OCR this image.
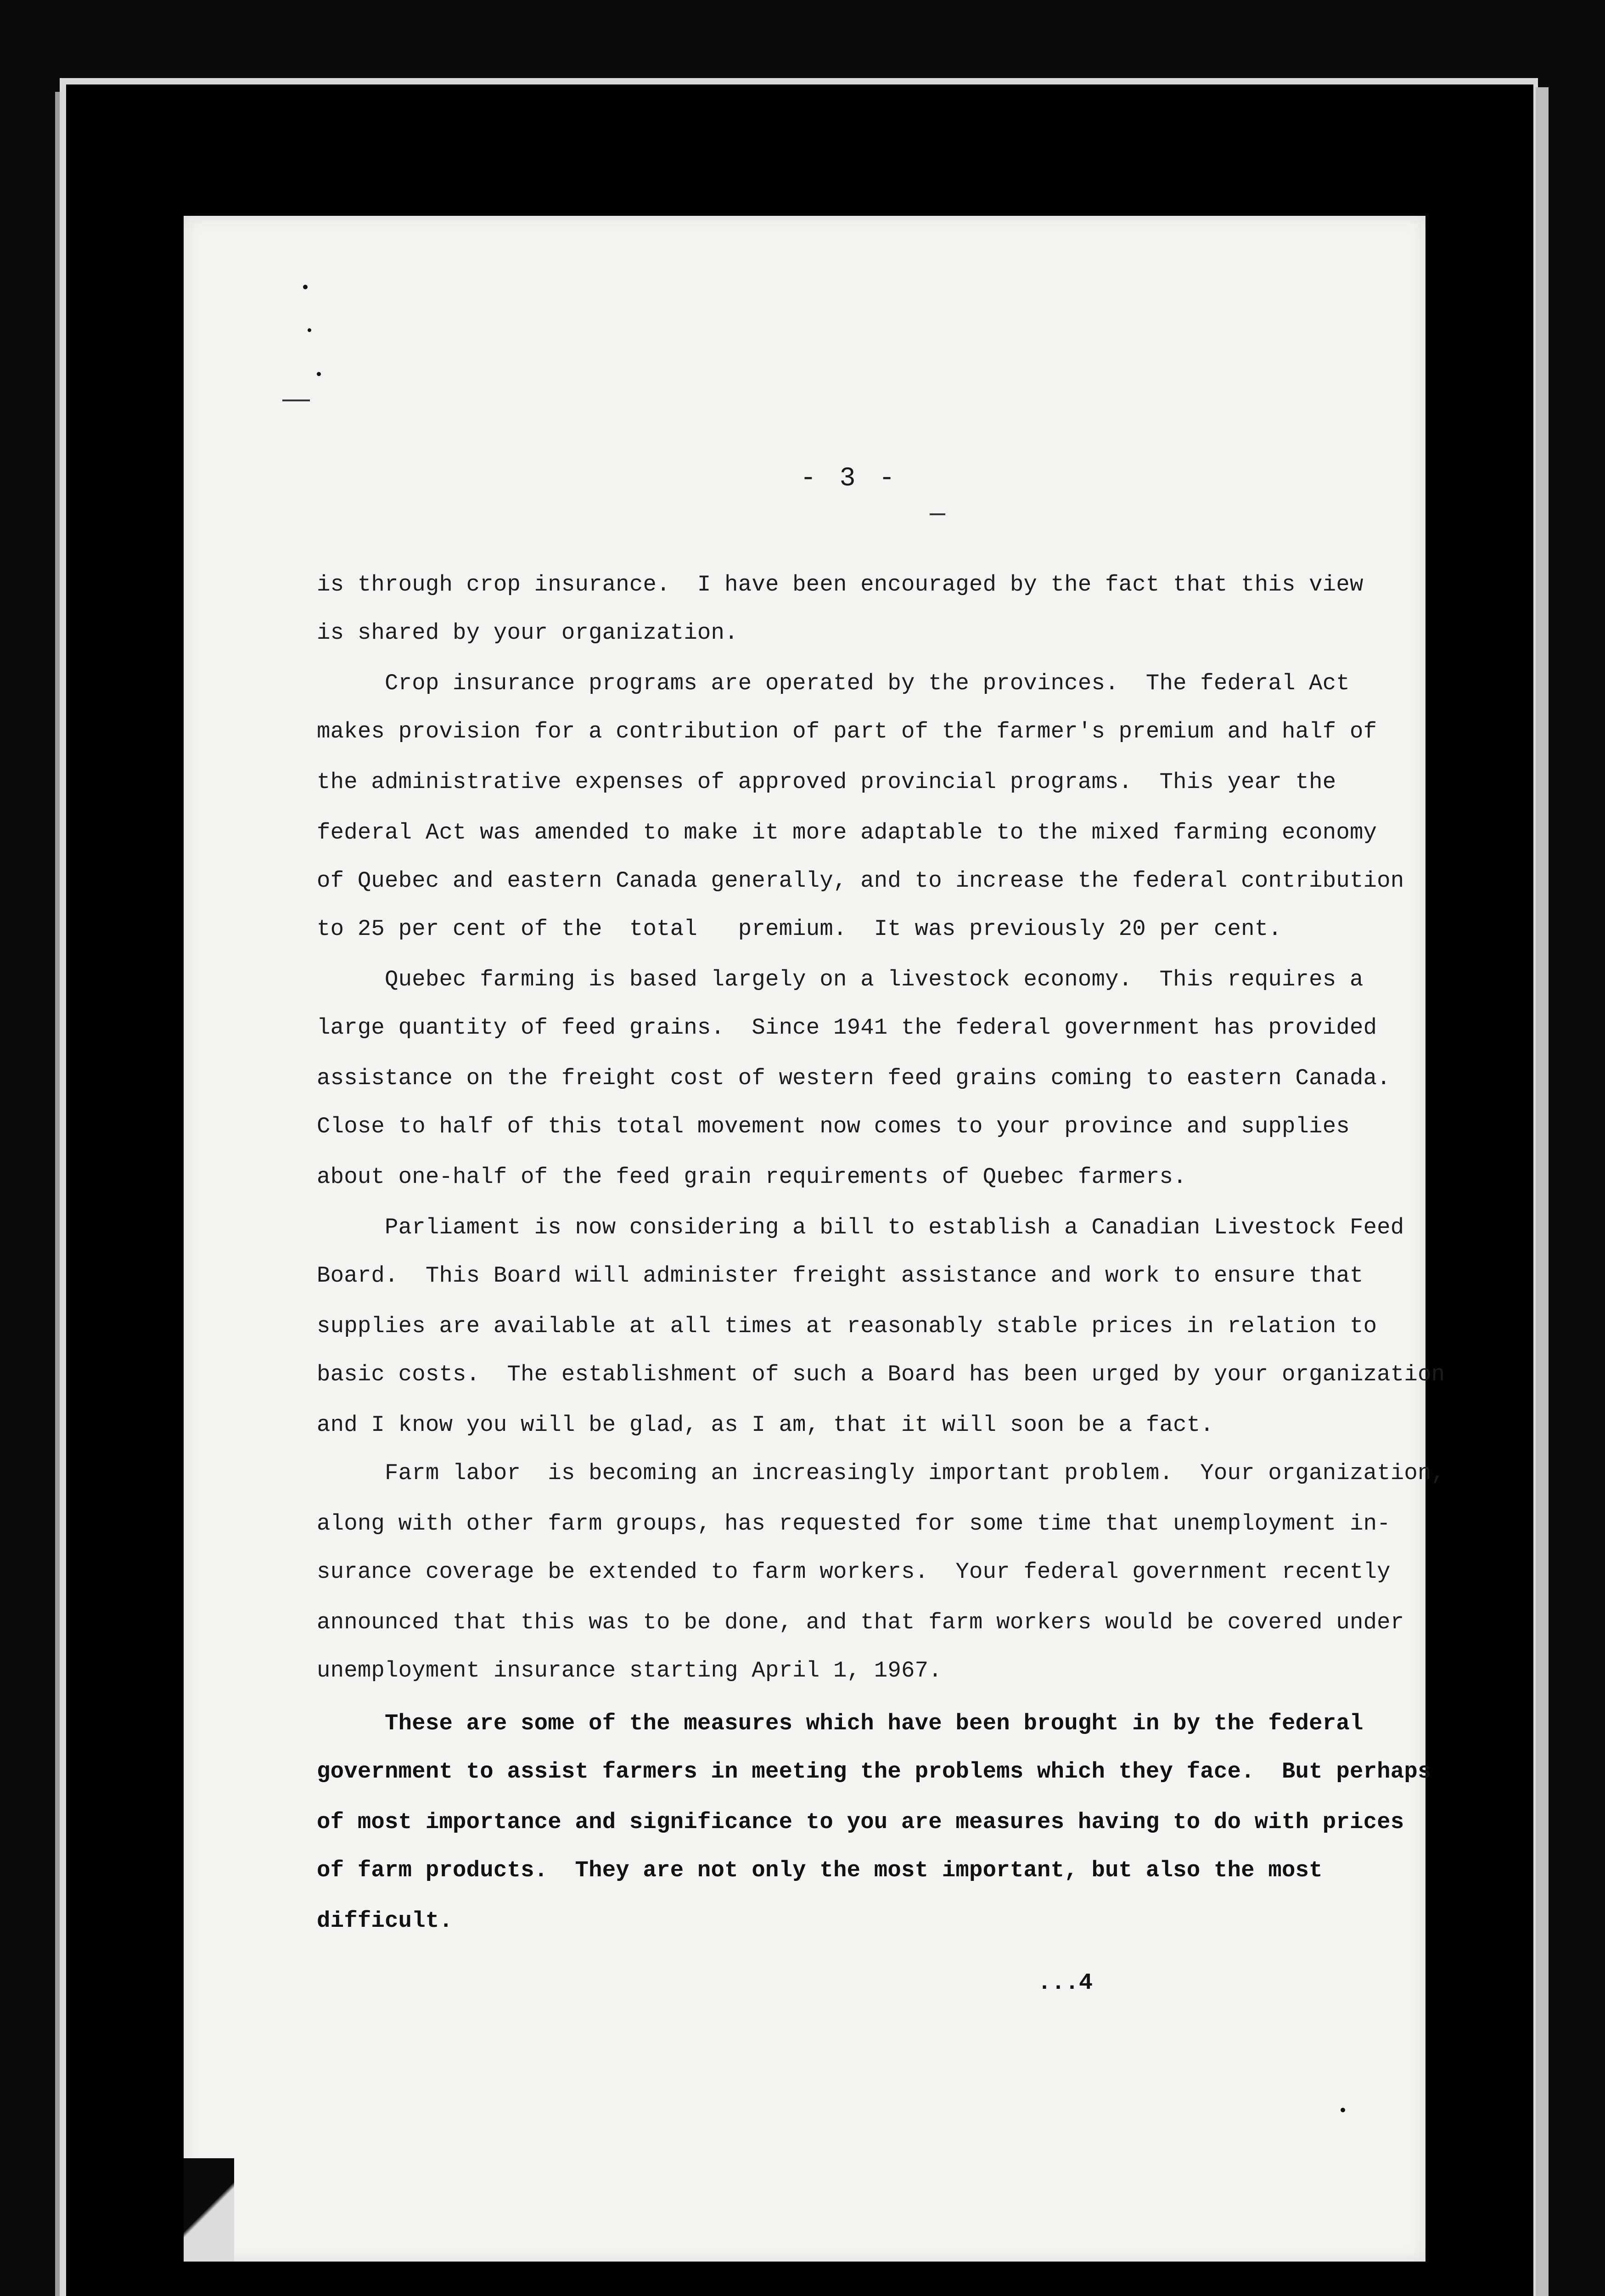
- 3 -
is through crop insurance.  I have been encouraged by the fact that this view
is shared by your organization.
Crop insurance programs are operated by the provinces.  The federal Act
makes provision for a contribution of part of the farmer's premium and half of
the administrative expenses of approved provincial programs.  This year the
federal Act was amended to make it more adaptable to the mixed farming economy
of Quebec and eastern Canada generally, and to increase the federal contribution
to 25 per cent of the  total   premium.  It was previously 20 per cent.
Quebec farming is based largely on a livestock economy.  This requires a
large quantity of feed grains.  Since 1941 the federal government has provided
assistance on the freight cost of western feed grains coming to eastern Canada.
Close to half of this total movement now comes to your province and supplies
about one-half of the feed grain requirements of Quebec farmers.
Parliament is now considering a bill to establish a Canadian Livestock Feed
Board.  This Board will administer freight assistance and work to ensure that
supplies are available at all times at reasonably stable prices in relation to
basic costs.  The establishment of such a Board has been urged by your organization
and I know you will be glad, as I am, that it will soon be a fact.
Farm labor  is becoming an increasingly important problem.  Your organization,
along with other farm groups, has requested for some time that unemployment in-
surance coverage be extended to farm workers.  Your federal government recently
announced that this was to be done, and that farm workers would be covered under
unemployment insurance starting April 1, 1967.
These are some of the measures which have been brought in by the federal
government to assist farmers in meeting the problems which they face.  But perhaps
of most importance and significance to you are measures having to do with prices
of farm products.  They are not only the most important, but also the most
difficult.
...4
